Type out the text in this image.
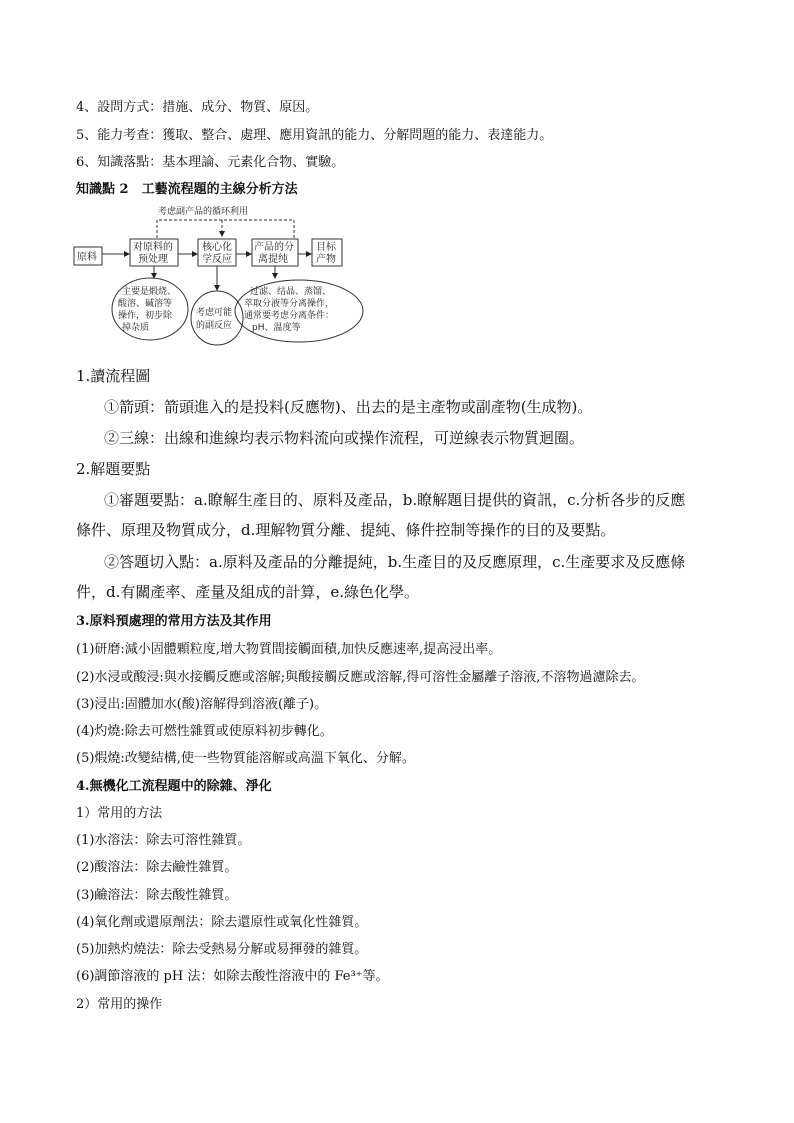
4、設問方式：措施、成分、物質、原因。
5、能力考查：獲取、整合、處理、應用資訊的能力、分解問題的能力、表達能力。
6、知識落點：基本理論、元素化合物、實驗。
知識點 2　工藝流程題的主線分析方法
考虑副产品的循环利用
原料
对原料的
预处理
核心化
学反应
产品的分
离提纯
目标
产物
主要是煅烧、
酸溶、碱溶等
操作，初步除
掉杂质
考虑可能
的副反应
过滤、结晶、蒸馏、
萃取分液等分离操作，
通常要考虑分离条件：
pH、温度等
1.讀流程圖
①箭頭：箭頭進入的是投料(反應物)、出去的是主產物或副產物(生成物)。
②三線：出線和進線均表示物料流向或操作流程，可逆線表示物質迴圈。
2.解題要點
①審題要點：a.瞭解生產目的、原料及產品，b.瞭解題目提供的資訊，c.分析各步的反應
條件、原理及物質成分，d.理解物質分離、提純、條件控制等操作的目的及要點。
②答題切入點：a.原料及產品的分離提純，b.生產目的及反應原理，c.生產要求及反應條
件，d.有關產率、產量及組成的計算，e.綠色化學。
3.原料預處理的常用方法及其作用
(1)研磨:減小固體顆粒度,增大物質間接觸面積,加快反應速率,提高浸出率。
(2)水浸或酸浸:與水接觸反應或溶解;與酸接觸反應或溶解,得可溶性金屬離子溶液,不溶物過濾除去。
(3)浸出:固體加水(酸)溶解得到溶液(離子)。
(4)灼燒:除去可燃性雜質或使原料初步轉化。
(5)煆燒:改變結構,使一些物質能溶解或高溫下氧化、分解。
4.無機化工流程題中的除雜、淨化
1）常用的方法
(1)水溶法：除去可溶性雜質。
(2)酸溶法：除去鹼性雜質。
(3)鹼溶法：除去酸性雜質。
(4)氧化劑或還原劑法：除去還原性或氧化性雜質。
(5)加熱灼燒法：除去受熱易分解或易揮發的雜質。
(6)調節溶液的 pH 法：如除去酸性溶液中的 Fe³⁺等。
2）常用的操作
